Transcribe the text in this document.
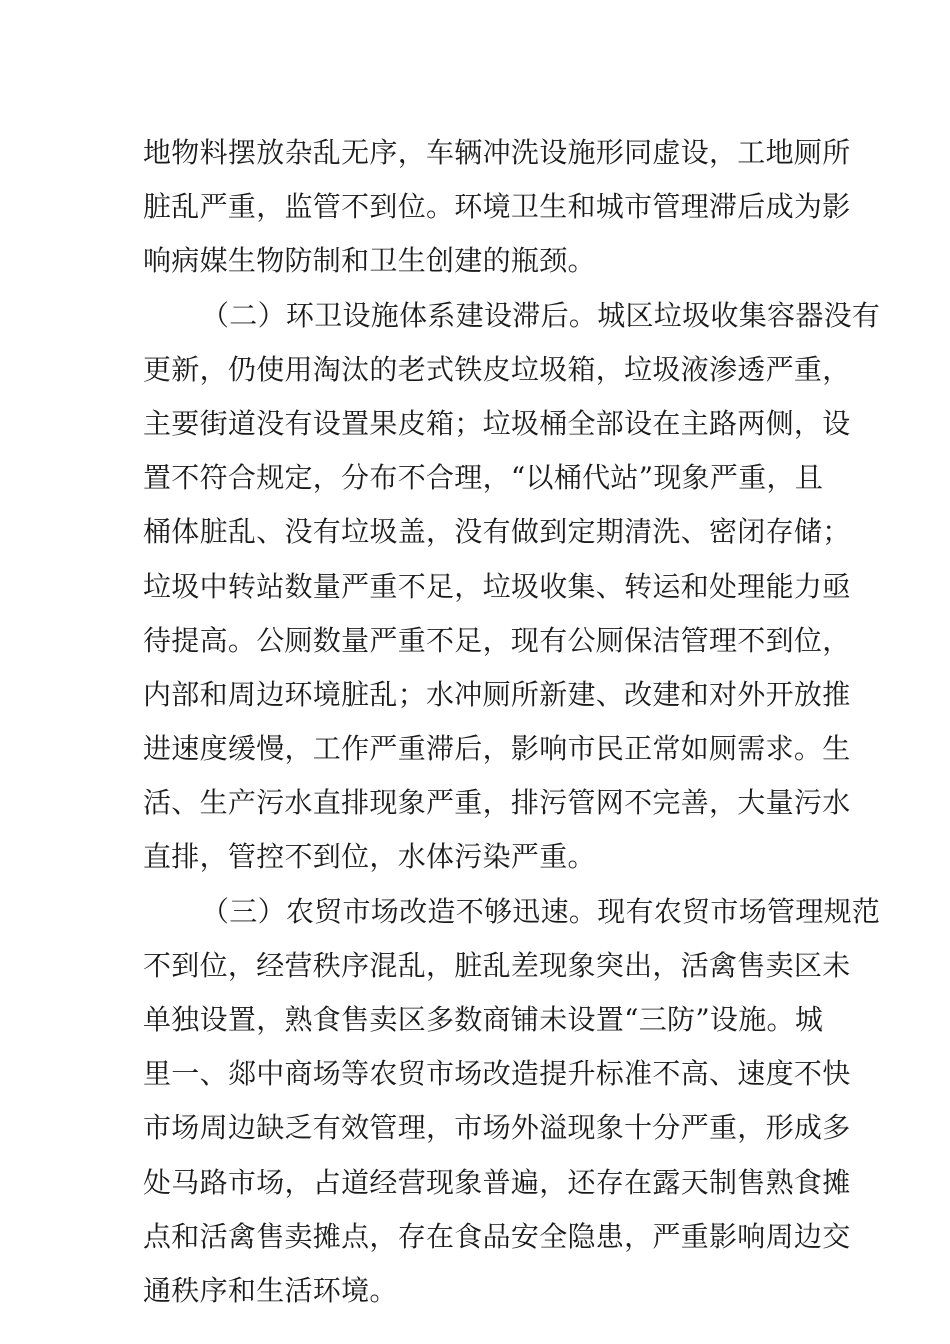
地物料摆放杂乱无序，车辆冲洗设施形同虚设，工地厕所
脏乱严重，监管不到位。环境卫生和城市管理滞后成为影
响病媒生物防制和卫生创建的瓶颈。
（二）环卫设施体系建设滞后。城区垃圾收集容器没有
更新，仍使用淘汰的老式铁皮垃圾箱，垃圾液渗透严重，
主要街道没有设置果皮箱；垃圾桶全部设在主路两侧，设
置不符合规定，分布不合理，“以桶代站”现象严重，且
桶体脏乱、没有垃圾盖，没有做到定期清洗、密闭存储；
垃圾中转站数量严重不足，垃圾收集、转运和处理能力亟
待提高。公厕数量严重不足，现有公厕保洁管理不到位，
内部和周边环境脏乱；水冲厕所新建、改建和对外开放推
进速度缓慢，工作严重滞后，影响市民正常如厕需求。生
活、生产污水直排现象严重，排污管网不完善，大量污水
直排，管控不到位，水体污染严重。
（三）农贸市场改造不够迅速。现有农贸市场管理规范
不到位，经营秩序混乱，脏乱差现象突出，活禽售卖区未
单独设置，熟食售卖区多数商铺未设置“三防”设施。城
里一、郯中商场等农贸市场改造提升标准不高、速度不快
市场周边缺乏有效管理，市场外溢现象十分严重，形成多
处马路市场，占道经营现象普遍，还存在露天制售熟食摊
点和活禽售卖摊点，存在食品安全隐患，严重影响周边交
通秩序和生活环境。
